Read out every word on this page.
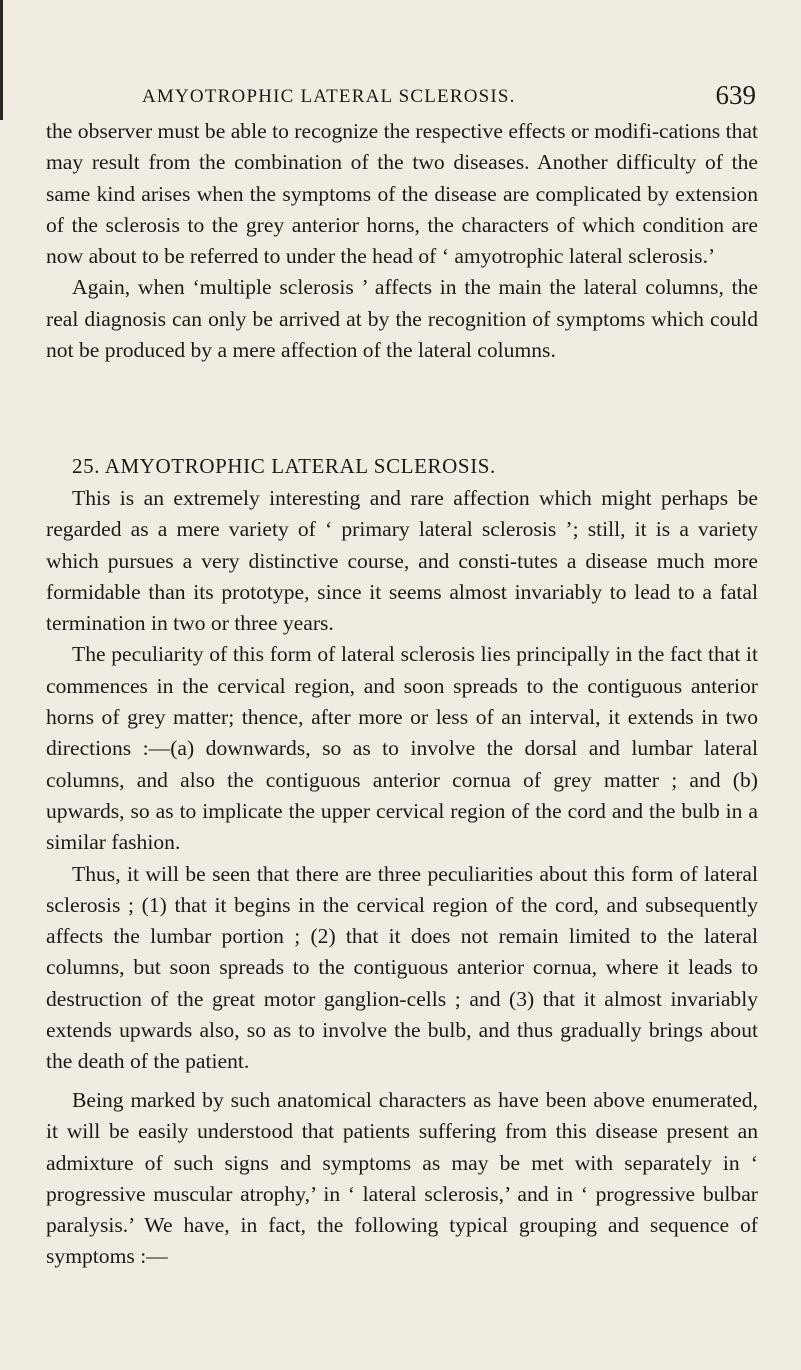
AMYOTROPHIC LATERAL SCLEROSIS.	639

the observer must be able to recognize the respective effects or modifi-cations that may result from the combination of the two diseases. Another difficulty of the same kind arises when the symptoms of the disease are complicated by extension of the sclerosis to the grey anterior horns, the characters of which condition are now about to be referred to under the head of ‘ amyotrophic lateral sclerosis.’

Again, when ‘multiple sclerosis ’ affects in the main the lateral columns, the real diagnosis can only be arrived at by the recognition of symptoms which could not be produced by a mere affection of the lateral columns.

25. AMYOTROPHIC LATERAL SCLEROSIS.

This is an extremely interesting and rare affection which might perhaps be regarded as a mere variety of ‘ primary lateral sclerosis ’; still, it is a variety which pursues a very distinctive course, and consti-tutes a disease much more formidable than its prototype, since it seems almost invariably to lead to a fatal termination in two or three years.

The peculiarity of this form of lateral sclerosis lies principally in the fact that it commences in the cervical region, and soon spreads to the contiguous anterior horns of grey matter; thence, after more or less of an interval, it extends in two directions :—(a) downwards, so as to involve the dorsal and lumbar lateral columns, and also the contiguous anterior cornua of grey matter ; and (b) upwards, so as to implicate the upper cervical region of the cord and the bulb in a similar fashion.

Thus, it will be seen that there are three peculiarities about this form of lateral sclerosis ; (1) that it begins in the cervical region of the cord, and subsequently affects the lumbar portion ; (2) that it does not remain limited to the lateral columns, but soon spreads to the contiguous anterior cornua, where it leads to destruction of the great motor ganglion-cells ; and (3) that it almost invariably extends upwards also, so as to involve the bulb, and thus gradually brings about the death of the patient.

Being marked by such anatomical characters as have been above enumerated, it will be easily understood that patients suffering from this disease present an admixture of such signs and symptoms as may be met with separately in ‘ progressive muscular atrophy,’ in ‘ lateral sclerosis,’ and in ‘ progressive bulbar paralysis.’ We have, in fact, the following typical grouping and sequence of symptoms :—
